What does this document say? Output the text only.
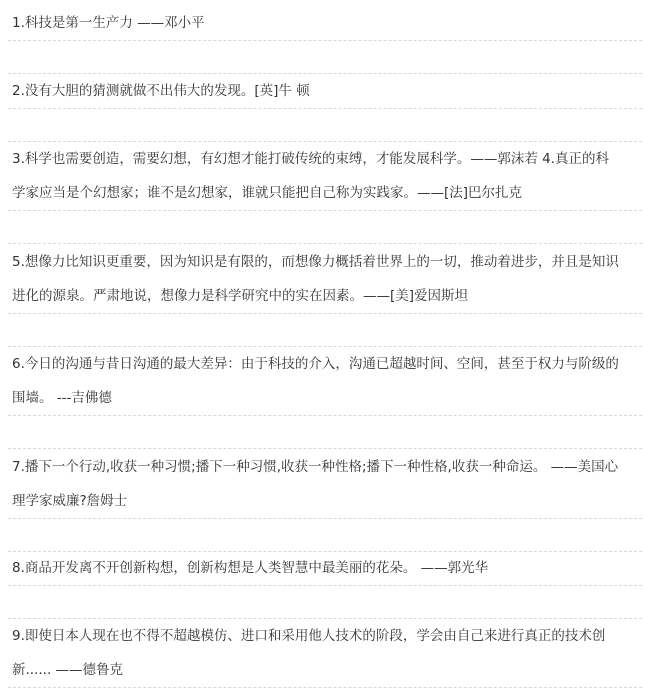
1.科技是第一生产力 ——邓小平
2.没有大胆的猜测就做不出伟大的发现。[英]牛 顿
3.科学也需要创造，需要幻想，有幻想才能打破传统的束缚，才能发展科学。——郭沫若 4.真正的科
学家应当是个幻想家；谁不是幻想家，谁就只能把自己称为实践家。——[法]巴尔扎克
5.想像力比知识更重要，因为知识是有限的，而想像力概括着世界上的一切，推动着进步，并且是知识
进化的源泉。严肃地说，想像力是科学研究中的实在因素。——[美]爱因斯坦
6.今日的沟通与昔日沟通的最大差异：由于科技的介入，沟通已超越时间、空间，甚至于权力与阶级的
围墙。 ---吉佛德
7.播下一个行动,收获一种习惯;播下一种习惯,收获一种性格;播下一种性格,收获一种命运。 ——美国心
理学家威廉?詹姆士
8.商品开发离不开创新构想，创新构想是人类智慧中最美丽的花朵。 ——郭光华
9.即使日本人现在也不得不超越模仿、进口和采用他人技术的阶段，学会由自己来进行真正的技术创
新...... ——德鲁克
